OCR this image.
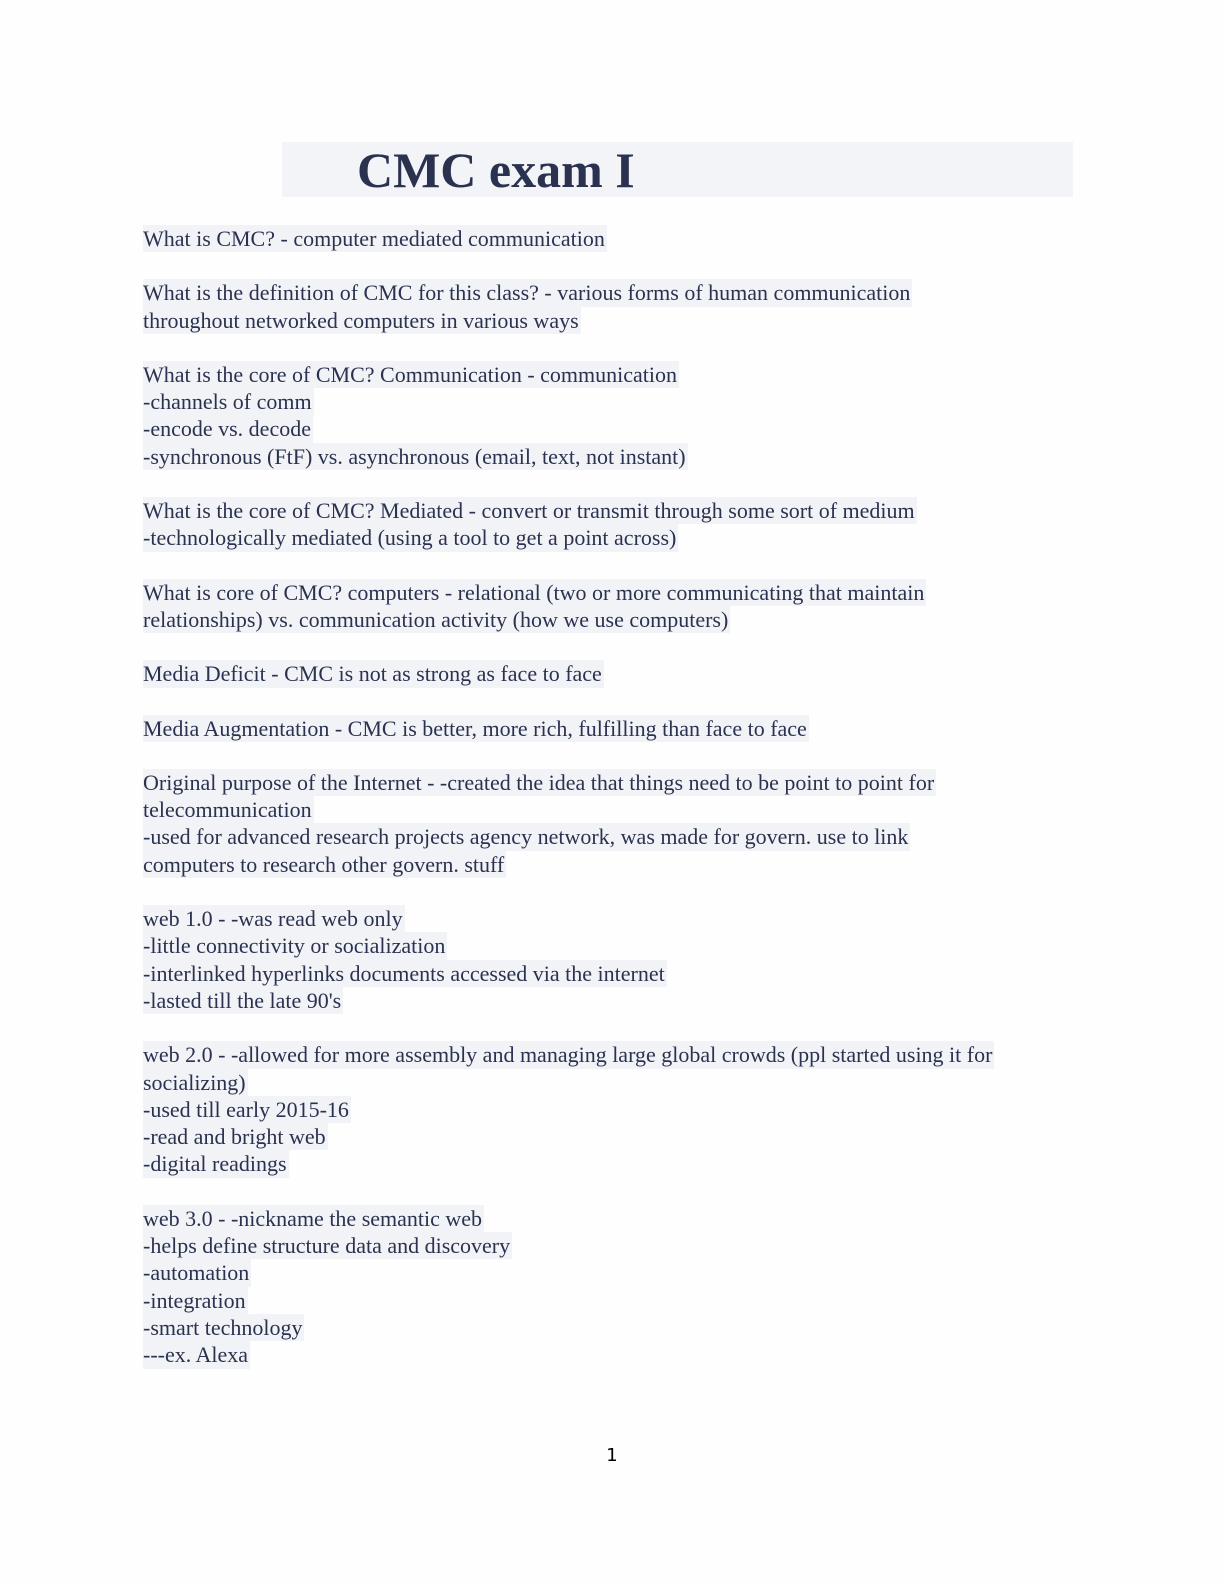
CMC exam I
What is CMC? - computer mediated communication
What is the definition of CMC for this class? - various forms of human communication
throughout networked computers in various ways
What is the core of CMC? Communication - communication
-channels of comm
-encode vs. decode
-synchronous (FtF) vs. asynchronous (email, text, not instant)
What is the core of CMC? Mediated - convert or transmit through some sort of medium
-technologically mediated (using a tool to get a point across)
What is core of CMC? computers - relational (two or more communicating that maintain
relationships) vs. communication activity (how we use computers)
Media Deficit - CMC is not as strong as face to face
Media Augmentation - CMC is better, more rich, fulfilling than face to face
Original purpose of the Internet - -created the idea that things need to be point to point for
telecommunication
-used for advanced research projects agency network, was made for govern. use to link
computers to research other govern. stuff
web 1.0 - -was read web only
-little connectivity or socialization
-interlinked hyperlinks documents accessed via the internet
-lasted till the late 90's
web 2.0 - -allowed for more assembly and managing large global crowds (ppl started using it for
socializing)
-used till early 2015-16
-read and bright web
-digital readings
web 3.0 - -nickname the semantic web
-helps define structure data and discovery
-automation
-integration
-smart technology
---ex. Alexa
1
